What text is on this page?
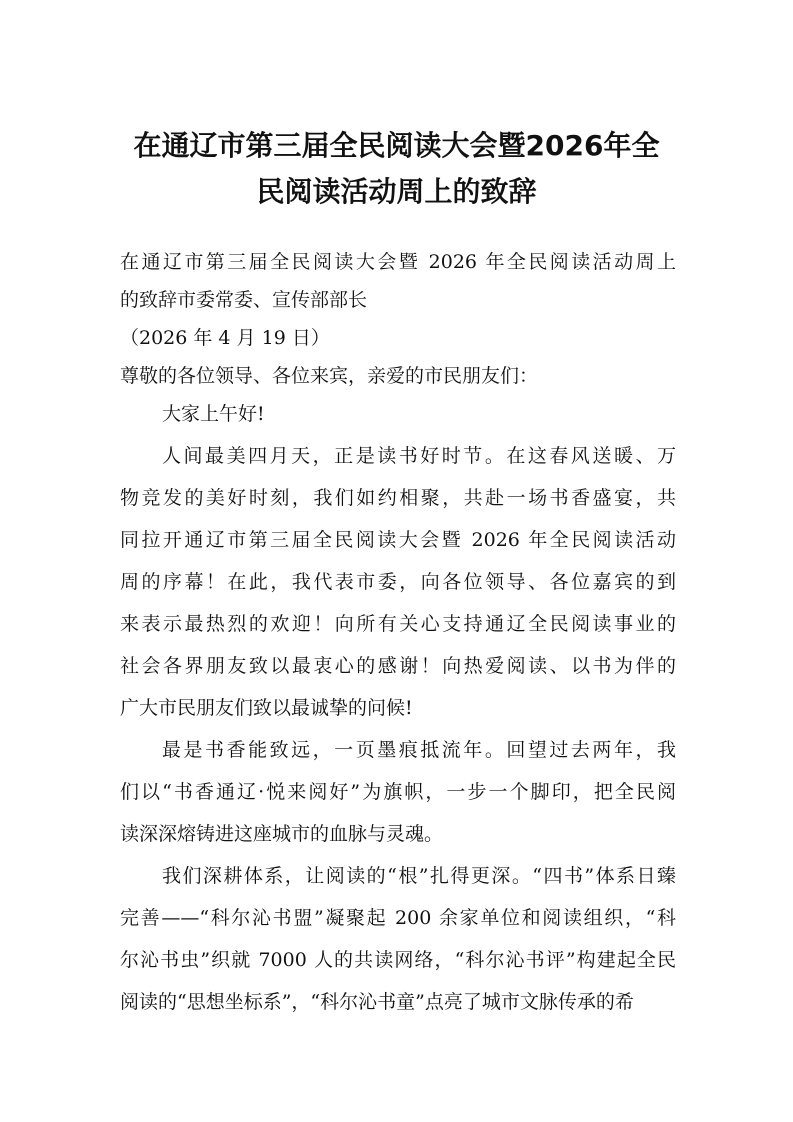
在通辽市第三届全民阅读大会暨2026年全
民阅读活动周上的致辞
在通辽市第三届全民阅读大会暨 2026 年全民阅读活动周上
的致辞市委常委、宣传部部长
（2026 年 4 月 19 日）
尊敬的各位领导、各位来宾，亲爱的市民朋友们：
大家上午好!
人间最美四月天，正是读书好时节。在这春风送暖、万
物竞发的美好时刻，我们如约相聚，共赴一场书香盛宴，共
同拉开通辽市第三届全民阅读大会暨 2026 年全民阅读活动
周的序幕！在此，我代表市委，向各位领导、各位嘉宾的到
来表示最热烈的欢迎！向所有关心支持通辽全民阅读事业的
社会各界朋友致以最衷心的感谢！向热爱阅读、以书为伴的
广大市民朋友们致以最诚挚的问候!
最是书香能致远，一页墨痕抵流年。回望过去两年，我
们以“书香通辽·悦来阅好”为旗帜，一步一个脚印，把全民阅
读深深熔铸进这座城市的血脉与灵魂。
我们深耕体系，让阅读的“根”扎得更深。“四书”体系日臻
完善——“科尔沁书盟”凝聚起 200 余家单位和阅读组织，“科
尔沁书虫”织就 7000 人的共读网络，“科尔沁书评”构建起全民
阅读的“思想坐标系”，“科尔沁书童”点亮了城市文脉传承的希
